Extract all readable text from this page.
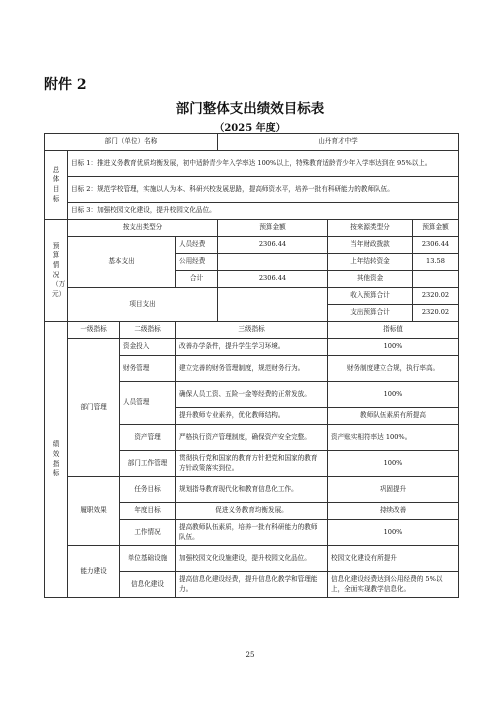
附件 2
部门整体支出绩效目标表
（2025 年度）
部门（单位）名称				山丹育才中学		
总体目标	目标 1：推进义务教育优质均衡发展，初中适龄青少年入学率达 100%以上，特殊教育适龄青少年入学率达到在 95%以上。					
	目标 2：规范学校管理，实施以人为本、科研兴校发展思路，提高师资水平，培养一批有科研能力的教师队伍。					
	目标 3：加强校园文化建设，提升校园文化品位。					
预算情况（万元）	按支出类型分			预算金额	按来源类型分	预算金额
	基本支出		人员经费	2306.44	当年财政拨款	2306.44
			公用经费		上年结转资金	13.58
			合计	2306.44	其他资金	
	项目支出				收入预算合计	2320.02
					支出预算合计	2320.02
绩效指标	一级指标	二级指标	三级指标		指标值	
	部门管理	资金投入	改善办学条件，提升学生学习环境。		100%	
		财务管理	建立完善的财务管理制度，规范财务行为。		财务制度建立合规，执行率高。	
		人员管理	确保人员工资、五险一金等经费的正常发放。		100%	
			提升教师专业素养，优化教师结构。		教师队伍素质有所提高	
		资产管理	严格执行资产管理制度，确保资产安全完整。		资产账实相符率达 100%。	
		部门工作管理	贯彻执行党和国家的教育方针把党和国家的教育方针政策落实到位。		100%	
	履职效果	任务目标	规划指导教育现代化和教育信息化工作。		巩固提升	
		年度目标	促进义务教育均衡发展。		持续改善	
		工作情况	提高教师队伍素质，培养一批有科研能力的教师队伍。		100%	
	能力建设	单位基础设施	加强校园文化设施建设，提升校园文化品位。		校园文化建设有所提升	
		信息化建设	提高信息化建设经费，提升信息化教学和管理能力。		信息化建设经费达到公用经费的 5%以上，全面实现教学信息化。	
25
